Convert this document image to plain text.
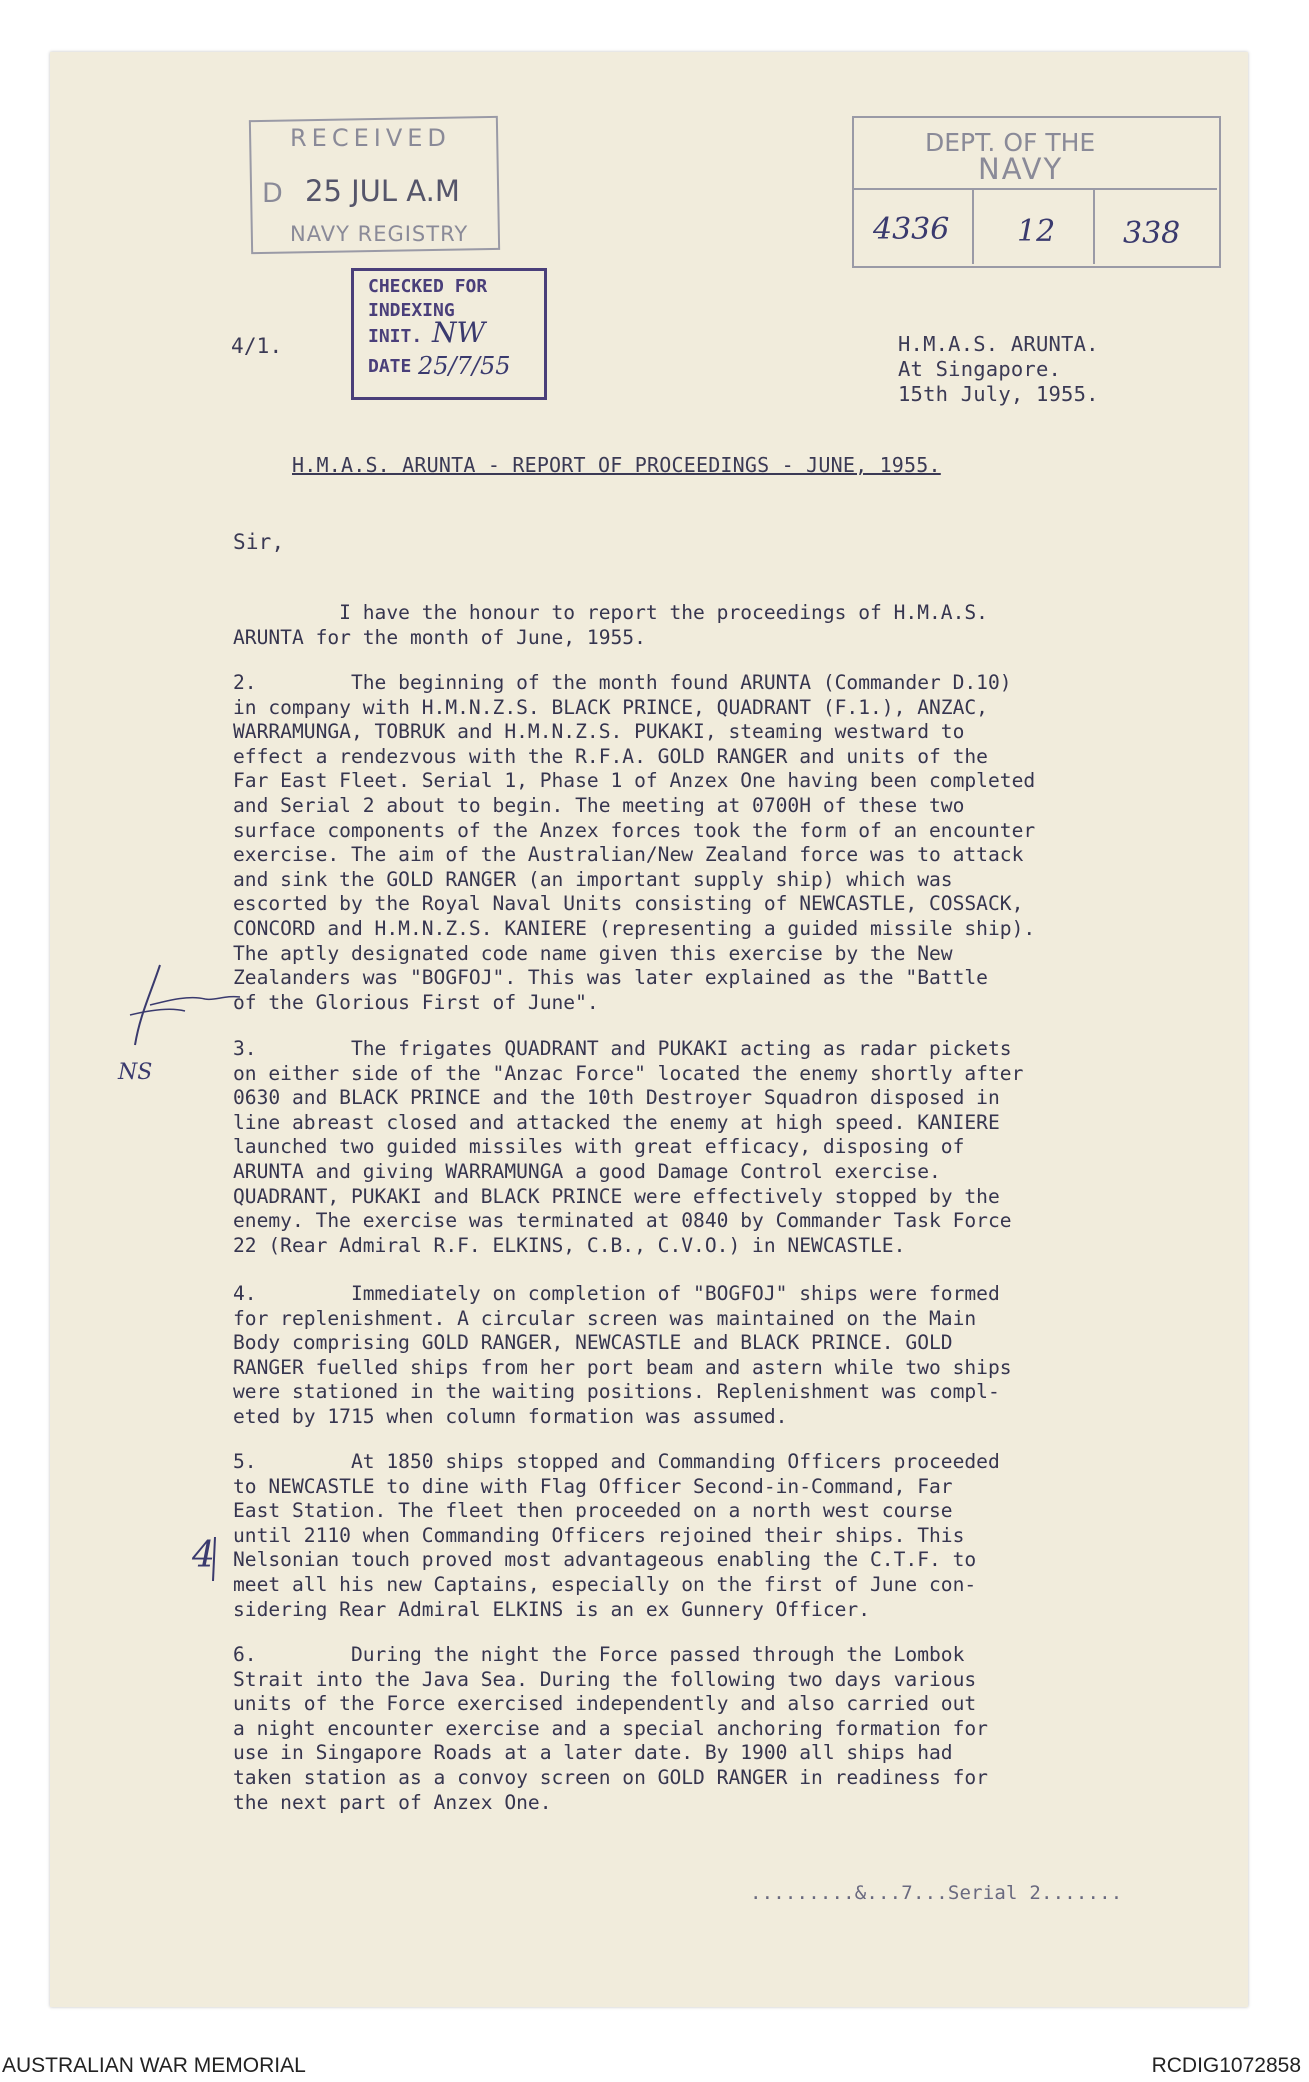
RECEIVED
D 25 JUL A.M
NAVY REGISTRY
CHECKED FOR
INDEXING
INIT. NW
DATE 25/7/55
DEPT. OF THE
NAVY
4336 12 338
4/1.	H.M.A.S. ARUNTA.
At Singapore.
15th July, 1955.
H.M.A.S. ARUNTA - REPORT OF PROCEEDINGS - JUNE, 1955.
Sir,
I have the honour to report the proceedings of H.M.A.S.
ARUNTA for the month of June, 1955.
2.        The beginning of the month found ARUNTA (Commander D.10)
in company with H.M.N.Z.S. BLACK PRINCE, QUADRANT (F.1.), ANZAC,
WARRAMUNGA, TOBRUK and H.M.N.Z.S. PUKAKI, steaming westward to
effect a rendezvous with the R.F.A. GOLD RANGER and units of the
Far East Fleet. Serial 1, Phase 1 of Anzex One having been completed
and Serial 2 about to begin. The meeting at 0700H of these two
surface components of the Anzex forces took the form of an encounter
exercise. The aim of the Australian/New Zealand force was to attack
and sink the GOLD RANGER (an important supply ship) which was
escorted by the Royal Naval Units consisting of NEWCASTLE, COSSACK,
CONCORD and H.M.N.Z.S. KANIERE (representing a guided missile ship).
The aptly designated code name given this exercise by the New
Zealanders was "BOGFOJ". This was later explained as the "Battle
of the Glorious First of June".
3.        The frigates QUADRANT and PUKAKI acting as radar pickets
on either side of the "Anzac Force" located the enemy shortly after
0630 and BLACK PRINCE and the 10th Destroyer Squadron disposed in
line abreast closed and attacked the enemy at high speed. KANIERE
launched two guided missiles with great efficacy, disposing of
ARUNTA and giving WARRAMUNGA a good Damage Control exercise.
QUADRANT, PUKAKI and BLACK PRINCE were effectively stopped by the
enemy. The exercise was terminated at 0840 by Commander Task Force
22 (Rear Admiral R.F. ELKINS, C.B., C.V.O.) in NEWCASTLE.
4.        Immediately on completion of "BOGFOJ" ships were formed
for replenishment. A circular screen was maintained on the Main
Body comprising GOLD RANGER, NEWCASTLE and BLACK PRINCE. GOLD
RANGER fuelled ships from her port beam and astern while two ships
were stationed in the waiting positions. Replenishment was compl-
eted by 1715 when column formation was assumed.
5.        At 1850 ships stopped and Commanding Officers proceeded
to NEWCASTLE to dine with Flag Officer Second-in-Command, Far
East Station. The fleet then proceeded on a north west course
until 2110 when Commanding Officers rejoined their ships. This
Nelsonian touch proved most advantageous enabling the C.T.F. to
meet all his new Captains, especially on the first of June con-
sidering Rear Admiral ELKINS is an ex Gunnery Officer.
6.        During the night the Force passed through the Lombok
Strait into the Java Sea. During the following two days various
units of the Force exercised independently and also carried out
a night encounter exercise and a special anchoring formation for
use in Singapore Roads at a later date. By 1900 all ships had
taken station as a convoy screen on GOLD RANGER in readiness for
the next part of Anzex One.
.........&...7...Serial 2.......
NS
4
AUSTRALIAN WAR MEMORIAL	RCDIG1072858
